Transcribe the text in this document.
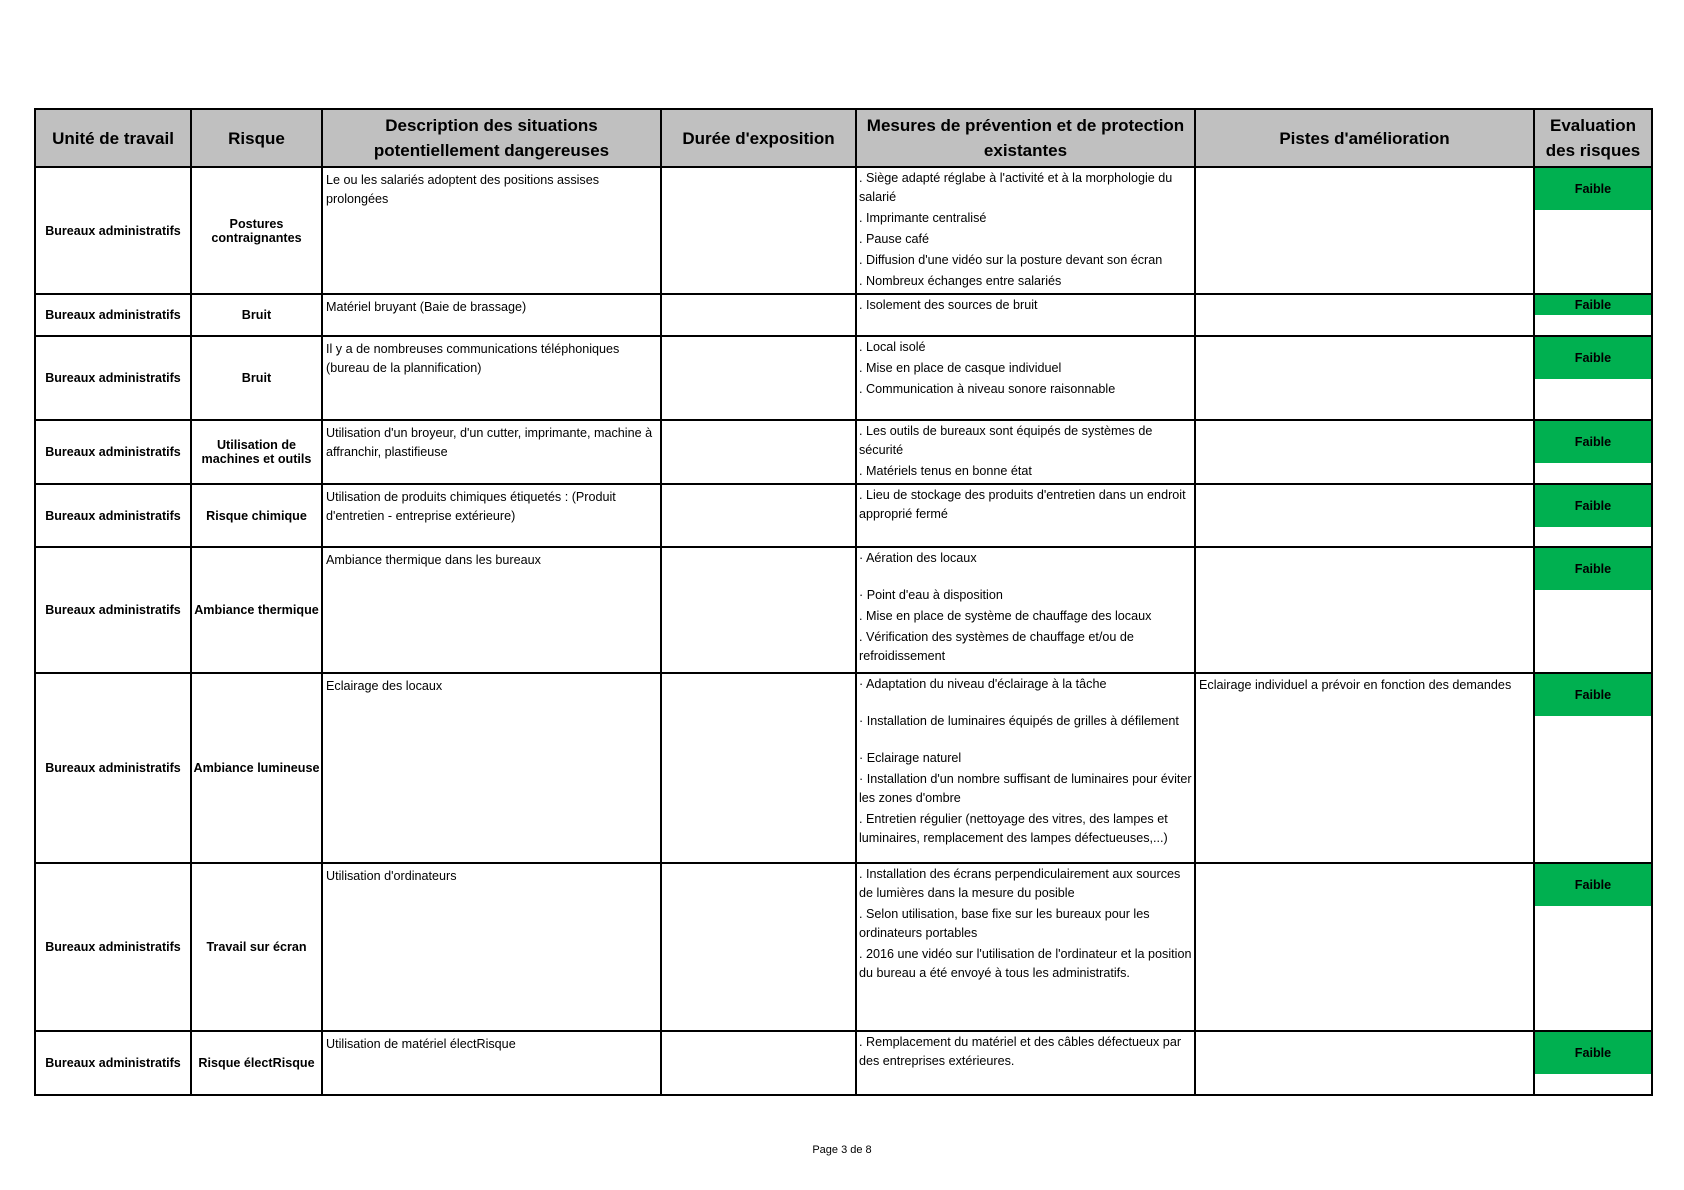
Unité de travail	Risque	Description des situations potentiellement dangereuses	Durée d'exposition	Mesures de prévention et de protection existantes	Pistes d'amélioration	Evaluation des risques
Bureaux administratifs	Postures contraignantes	Le ou les salariés adoptent des positions assises prolongées		. Siège adapté réglabe à l'activité et à la morphologie du salarié
. Imprimante centralisé
. Pause café
. Diffusion d'une vidéo sur la posture devant son écran
. Nombreux échanges entre salariés		Faible

Bureaux administratifs	Bruit	Matériel bruyant (Baie de brassage)		. Isolement des sources de bruit		Faible

Bureaux administratifs	Bruit	Il y a de nombreuses communications téléphoniques (bureau de la plannification)		. Local isolé
. Mise en place de casque individuel
. Communication à niveau sonore raisonnable		Faible

Bureaux administratifs	Utilisation de machines et outils	Utilisation d'un broyeur, d'un cutter, imprimante, machine à affranchir, plastifieuse		. Les outils de bureaux sont équipés de systèmes de sécurité
. Matériels tenus en bonne état		Faible

Bureaux administratifs	Risque chimique	Utilisation de produits chimiques étiquetés : (Produit d'entretien - entreprise extérieure)		. Lieu de stockage des produits d'entretien dans un endroit approprié fermé		Faible

Bureaux administratifs	Ambiance thermique	Ambiance thermique dans les bureaux		· Aération des locaux
· Point d'eau à disposition
. Mise en place de système de chauffage des locaux
. Vérification des systèmes de chauffage et/ou de refroidissement		Faible

Bureaux administratifs	Ambiance lumineuse	Eclairage des locaux		· Adaptation du niveau d'éclairage à la tâche
· Installation de luminaires équipés de grilles à défilement
· Eclairage naturel
· Installation d'un nombre suffisant de luminaires pour éviter les zones d'ombre
. Entretien régulier (nettoyage des vitres, des lampes et luminaires, remplacement des lampes défectueuses,...)	Eclairage individuel a prévoir en fonction des demandes	Faible

Bureaux administratifs	Travail sur écran	Utilisation d'ordinateurs		. Installation des écrans perpendiculairement aux sources de lumières dans la mesure du posible
. Selon utilisation, base fixe sur les bureaux pour les ordinateurs portables
. 2016 une vidéo sur l'utilisation de l'ordinateur et la position du bureau a été envoyé à tous les administratifs.		Faible

Bureaux administratifs	Risque électRisque	Utilisation de matériel électRisque		. Remplacement du matériel et des câbles défectueux par des entreprises extérieures.		Faible
Page 3 de 8
